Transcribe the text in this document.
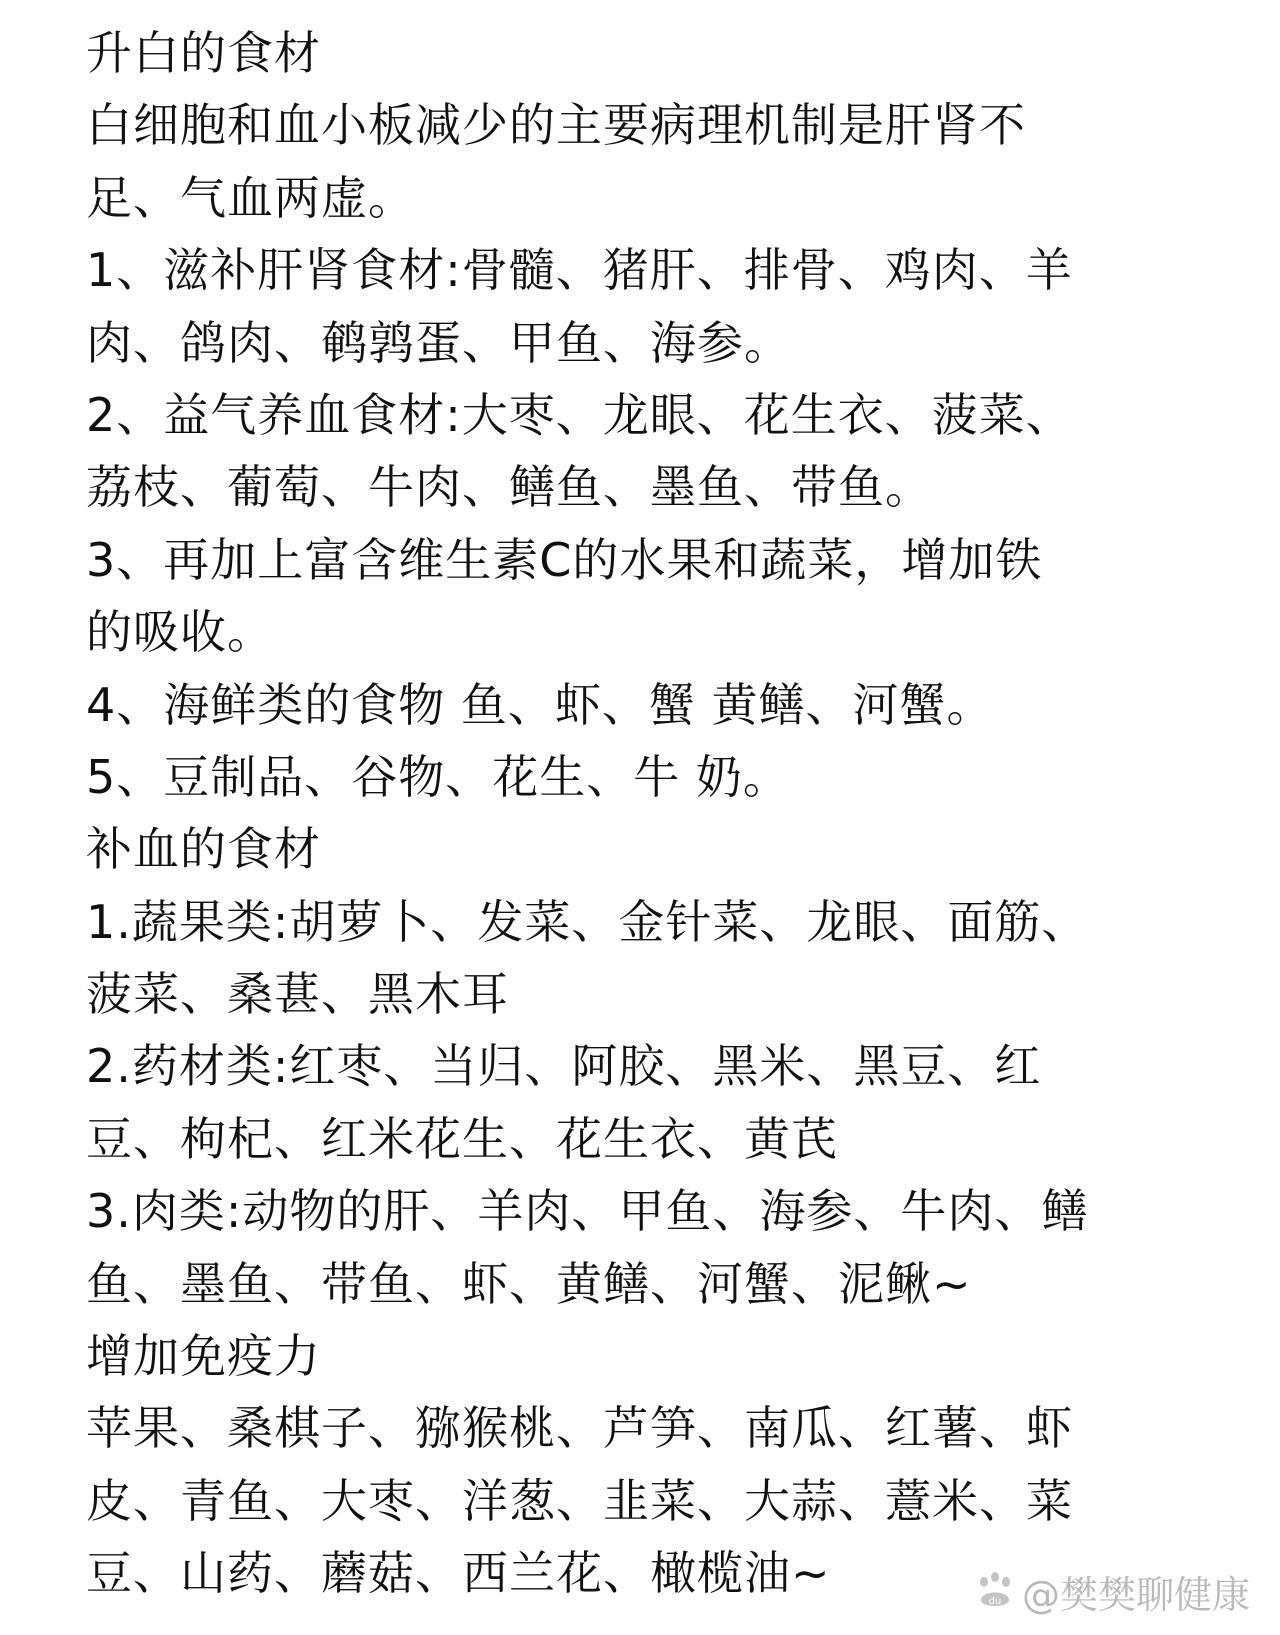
升白的食材
白细胞和血小板减少的主要病理机制是肝肾不
足、气血两虚。
1、滋补肝肾食材:骨髓、猪肝、排骨、鸡肉、羊
肉、鸽肉、鹌鹑蛋、甲鱼、海参。
2、益气养血食材:大枣、龙眼、花生衣、菠菜、
荔枝、葡萄、牛肉、鳝鱼、墨鱼、带鱼。
3、再加上富含维生素C的水果和蔬菜，增加铁
的吸收。
4、海鲜类的食物 鱼、虾、蟹 黄鳝、河蟹。
5、豆制品、谷物、花生、牛 奶。
补血的食材
1.蔬果类:胡萝卜、发菜、金针菜、龙眼、面筋、
菠菜、桑葚、黑木耳
2.药材类:红枣、当归、阿胶、黑米、黑豆、红
豆、枸杞、红米花生、花生衣、黄芪
3.肉类:动物的肝、羊肉、甲鱼、海参、牛肉、鳝
鱼、墨鱼、带鱼、虾、黄鳝、河蟹、泥鳅~
增加免疫力
苹果、桑棋子、猕猴桃、芦笋、南瓜、红薯、虾
皮、青鱼、大枣、洋葱、韭菜、大蒜、薏米、菜
豆、山药、蘑菇、西兰花、橄榄油~
du @樊樊聊健康
